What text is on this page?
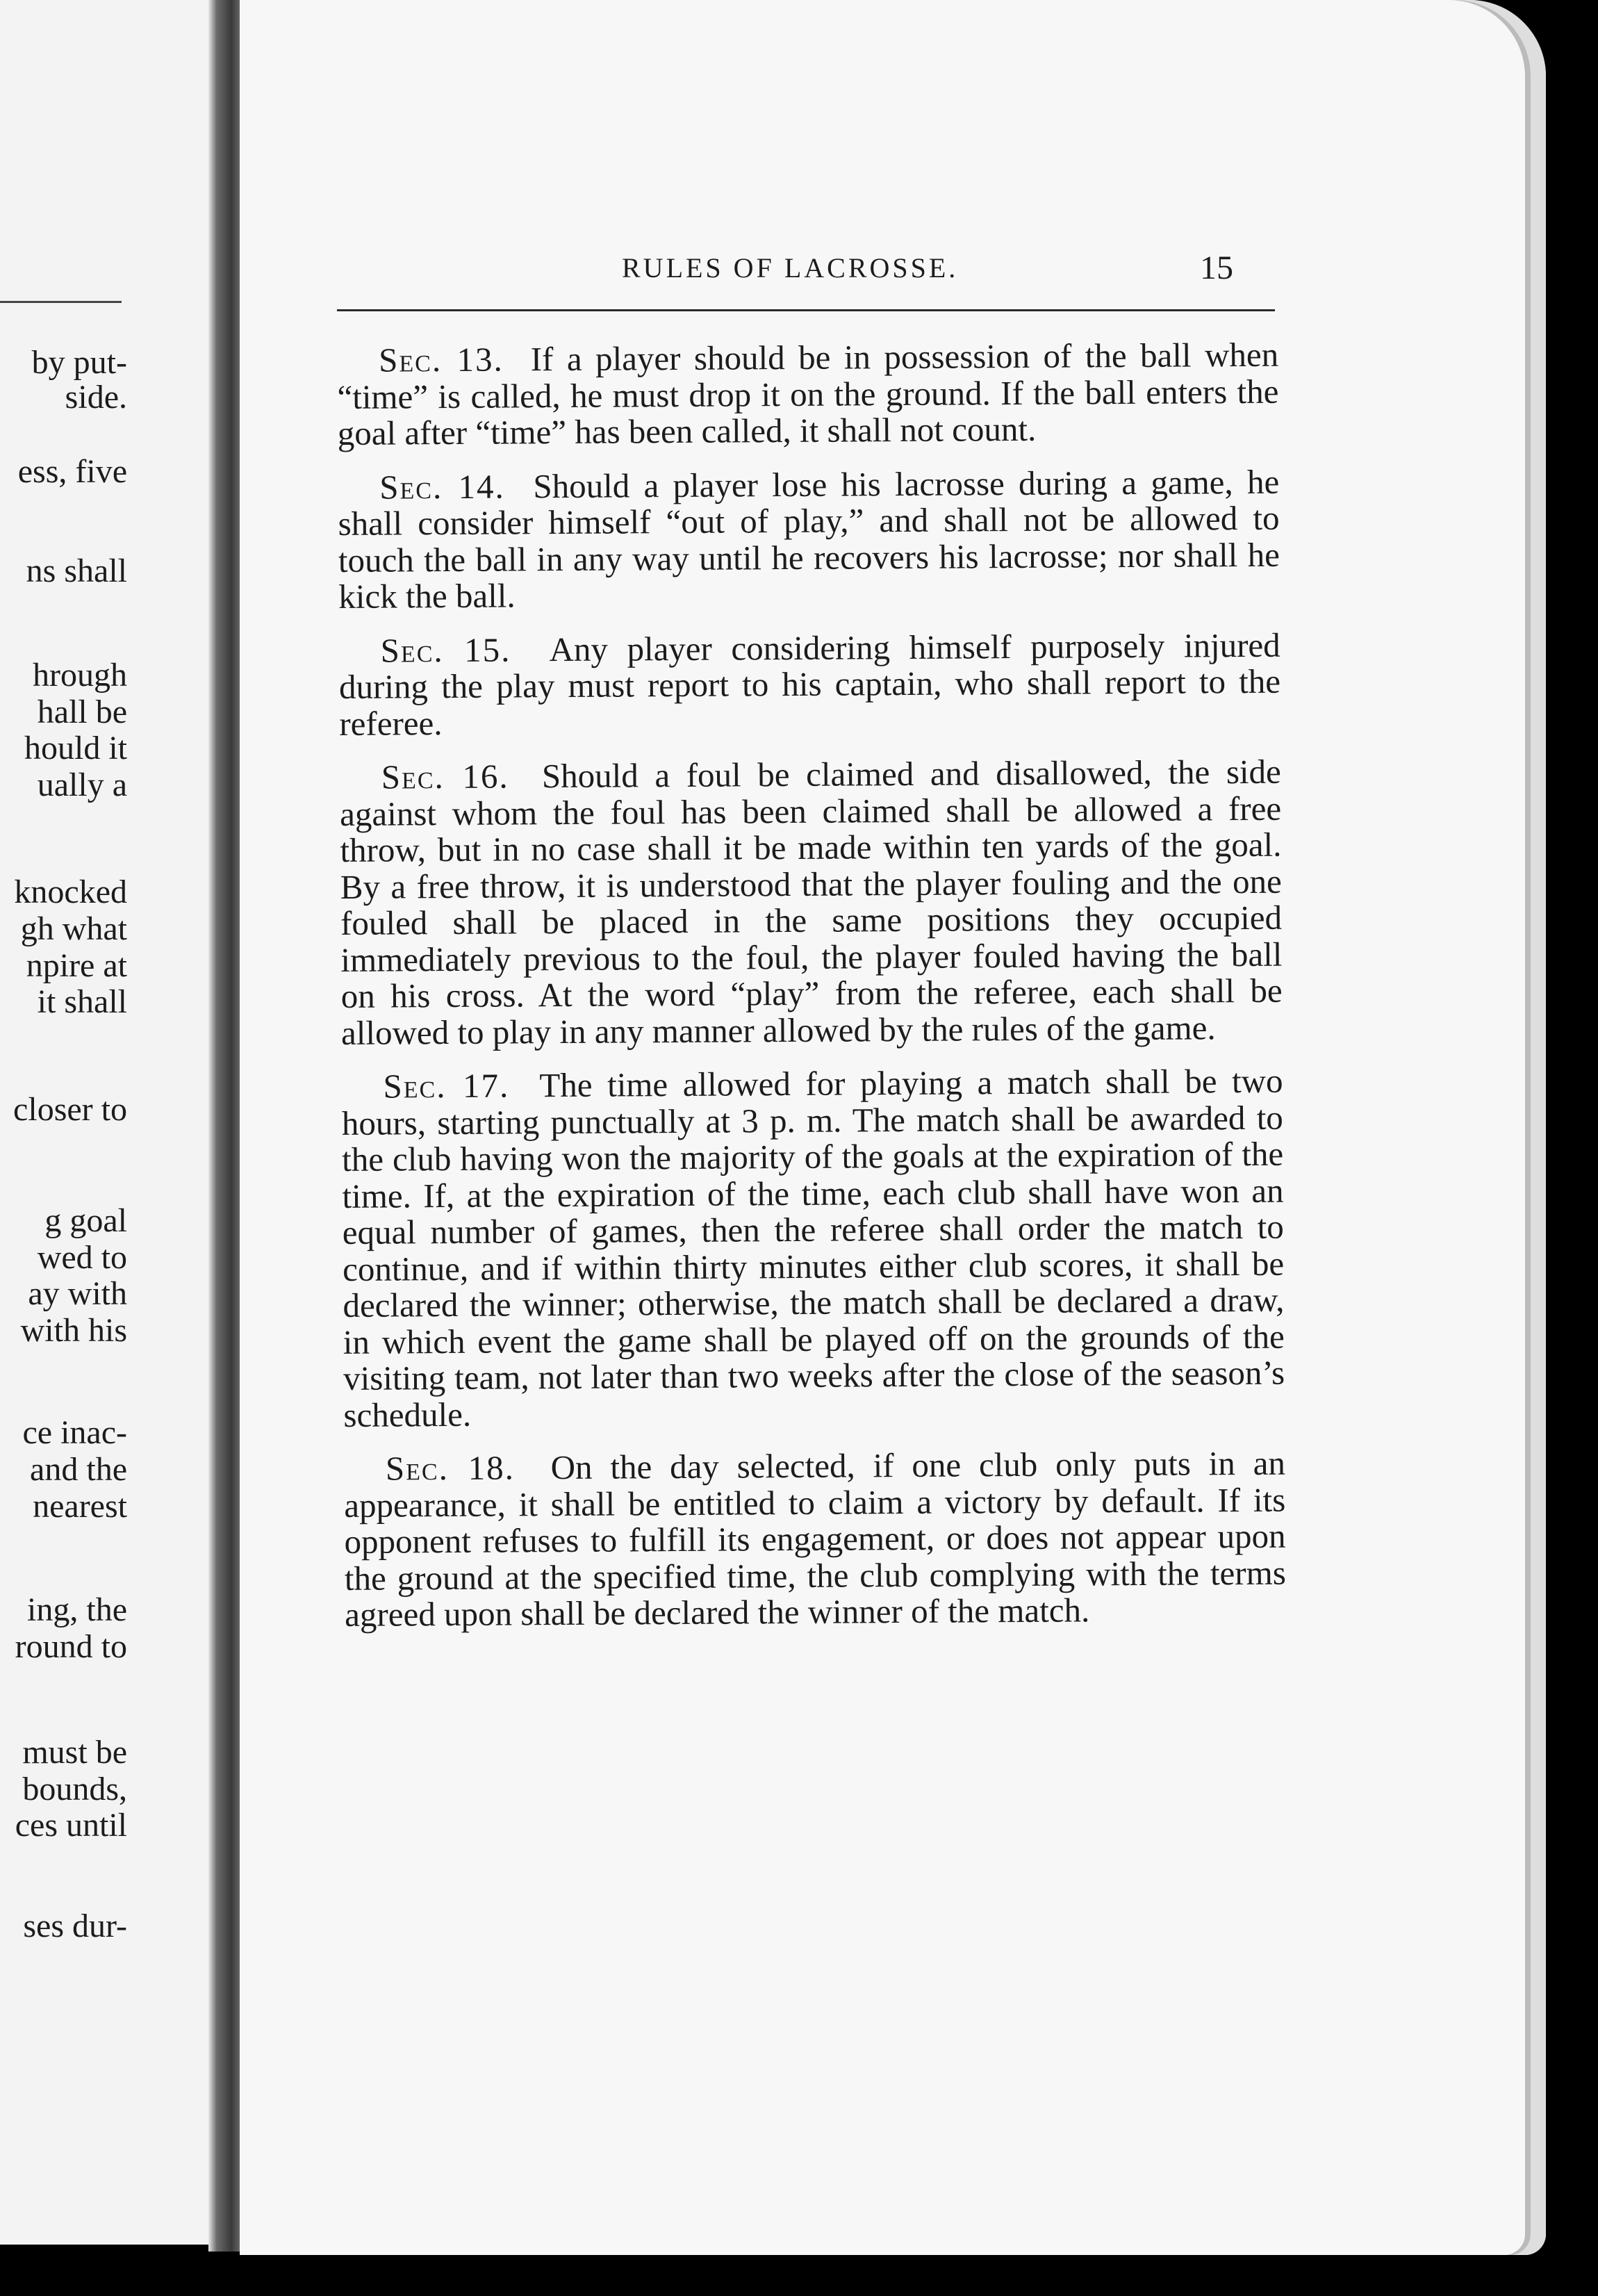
by put-
side.
ess, five
ns shall
hrough
hall be
hould it
ually a
knocked
gh what
npire at
it shall
closer to
g goal
wed to
ay with
with his
ce inac-
and the
nearest
ing, the
round to
must be
bounds,
ces until
ses dur-
RULES OF LACROSSE.	15

Sec. 13. If a player should be in possession of the ball when “time” is called, he must drop it on the ground. If the ball enters the goal after “time” has been called, it shall not count.

Sec. 14. Should a player lose his lacrosse during a game, he shall consider himself “out of play,” and shall not be allowed to touch the ball in any way until he recovers his lacrosse; nor shall he kick the ball.

Sec. 15. Any player considering himself purposely injured during the play must report to his captain, who shall report to the referee.

Sec. 16. Should a foul be claimed and disallowed, the side against whom the foul has been claimed shall be allowed a free throw, but in no case shall it be made within ten yards of the goal. By a free throw, it is understood that the player fouling and the one fouled shall be placed in the same positions they occupied immediately previous to the foul, the player fouled having the ball on his cross. At the word “play” from the referee, each shall be allowed to play in any manner allowed by the rules of the game.

Sec. 17. The time allowed for playing a match shall be two hours, starting punctually at 3 p. m. The match shall be awarded to the club having won the majority of the goals at the expiration of the time. If, at the expiration of the time, each club shall have won an equal number of games, then the referee shall order the match to continue, and if within thirty minutes either club scores, it shall be declared the winner; otherwise, the match shall be declared a draw, in which event the game shall be played off on the grounds of the visiting team, not later than two weeks after the close of the season’s schedule.

Sec. 18. On the day selected, if one club only puts in an appearance, it shall be entitled to claim a victory by default. If its opponent refuses to fulfill its engagement, or does not appear upon the ground at the specified time, the club complying with the terms agreed upon shall be declared the winner of the match.
